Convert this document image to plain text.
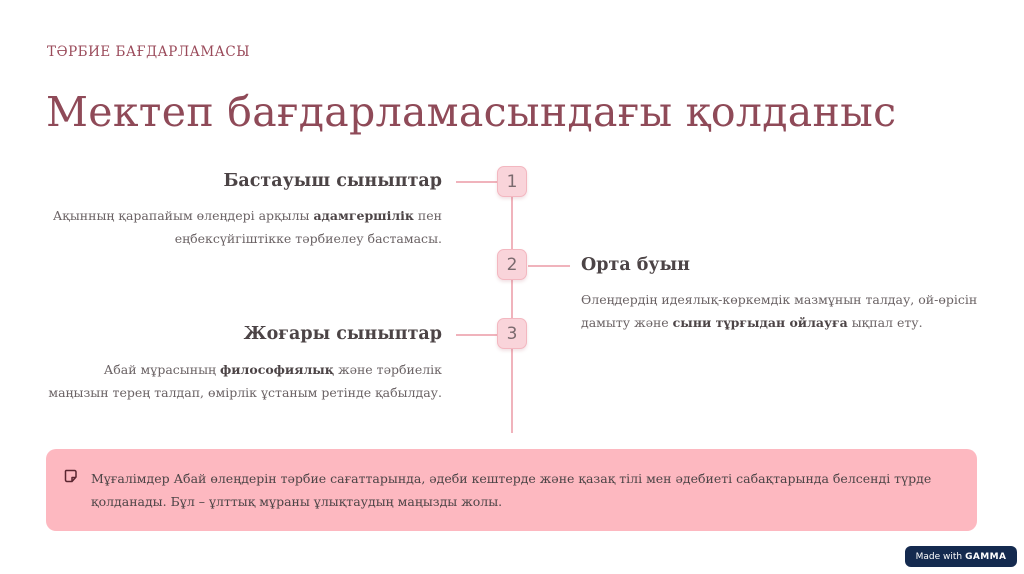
ТӘРБИЕ БАҒДАРЛАМАСЫ
Мектеп бағдарламасындағы қолданыс
1
2
3
Бастауыш сыныптар

Ақынның қарапайым өлеңдері арқылы адамгершілік пен еңбексүйгіштікке тәрбиелеу бастамасы.

Орта буын

Өлеңдердің идеялық-көркемдік мазмұнын талдау, ой-өрісін дамыту және сыни тұрғыдан ойлауға ықпал ету.

Жоғары сыныптар

Абай мұрасының философиялық және тәрбиелік маңызын терең талдап, өмірлік ұстаным ретінде қабылдау.

Мұғалімдер Абай өлеңдерін тәрбие сағаттарында, әдеби кештерде және қазақ тілі мен әдебиеті сабақтарында белсенді түрде қолданады. Бұл – ұлттық мұраны ұлықтаудың маңызды жолы.

Made with GAMMA
